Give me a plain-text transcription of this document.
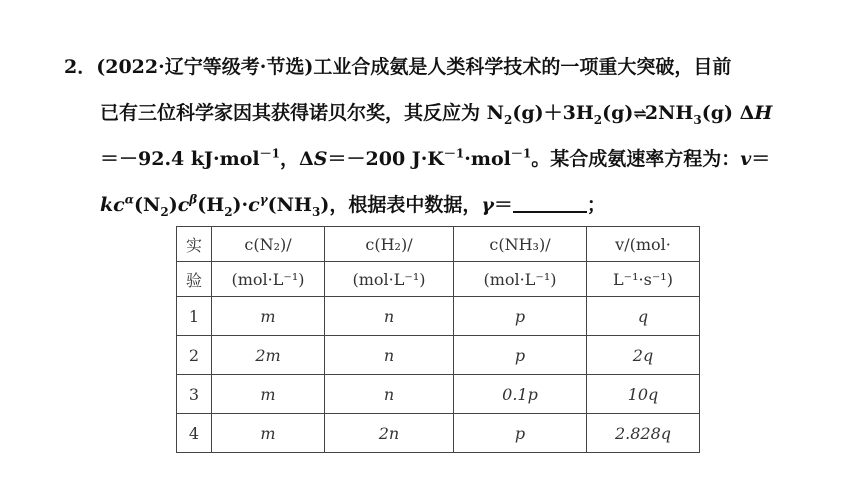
2．(2022·辽宁等级考·节选)工业合成氨是人类科学技术的一项重大突破，目前
已有三位科学家因其获得诺贝尔奖，其反应为 $N_2(g)+3H_2(g)\rightleftharpoons 2NH_3(g)$ ΔH
＝－92.4 kJ·mol$^{-1}$，ΔS＝－200 $J\cdot K^{-1}\cdot mol^{-1}$。某合成氨速率方程为：v＝
$kc^\alpha(N_2)c^\beta(H_2)\cdot c^\gamma(NH_3)$，根据表中数据，γ＝	；
实	c(N₂)/	c(H₂)/	c(NH₃)/	v/(mol·
验	(mol·L⁻¹)	(mol·L⁻¹)	(mol·L⁻¹)	L⁻¹·s⁻¹)
1	m	n	p	q
2	2m	n	p	2q
3	m	n	0.1p	10q
4	m	2n	p	2.828q
